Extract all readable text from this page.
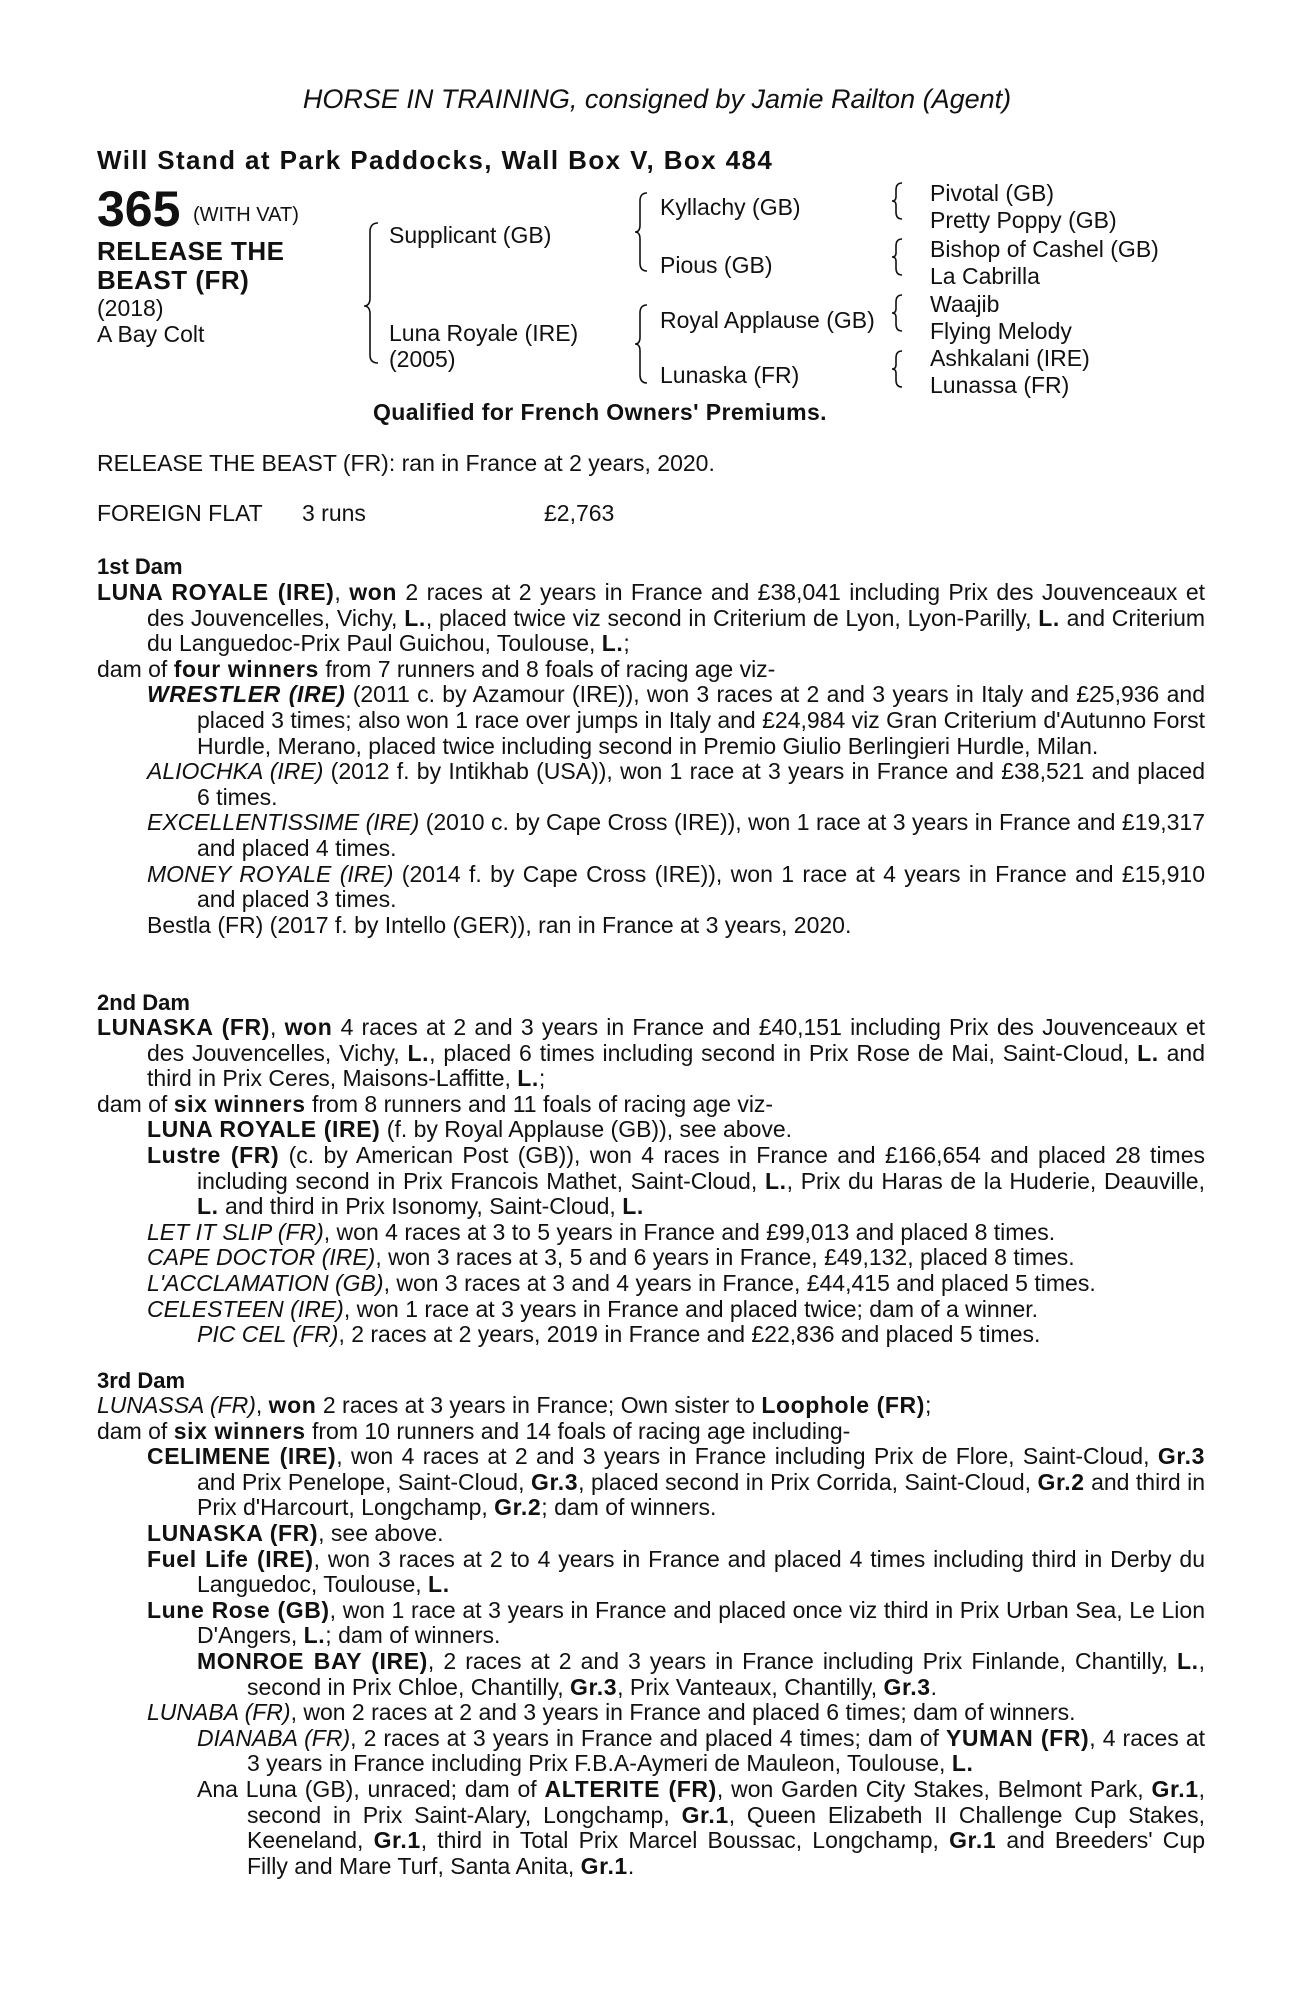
HORSE IN TRAINING, consigned by Jamie Railton (Agent)
Will Stand at Park Paddocks, Wall Box V, Box 484
365 (WITH VAT)
RELEASE THE
BEAST (FR)
(2018)
A Bay Colt
Supplicant (GB)
Luna Royale (IRE)
(2005)
Kyllachy (GB)
Pious (GB)
Royal Applause (GB)
Lunaska (FR)
Pivotal (GB)
Pretty Poppy (GB)
Bishop of Cashel (GB)
La Cabrilla
Waajib
Flying Melody
Ashkalani (IRE)
Lunassa (FR)
Qualified for French Owners' Premiums.
RELEASE THE BEAST (FR): ran in France at 2 years, 2020.
FOREIGN FLAT 3 runs	£2,763
1st Dam

LUNA ROYALE (IRE), won 2 races at 2 years in France and £38,041 including Prix des Jouvenceaux et des Jouvencelles, Vichy, L., placed twice viz second in Criterium de Lyon, Lyon-Parilly, L. and Criterium du Languedoc-Prix Paul Guichou, Toulouse, L.;

dam of four winners from 7 runners and 8 foals of racing age viz-

WRESTLER (IRE) (2011 c. by Azamour (IRE)), won 3 races at 2 and 3 years in Italy and £25,936 and placed 3 times; also won 1 race over jumps in Italy and £24,984 viz Gran Criterium d'Autunno Forst Hurdle, Merano, placed twice including second in Premio Giulio Berlingieri Hurdle, Milan.

ALIOCHKA (IRE) (2012 f. by Intikhab (USA)), won 1 race at 3 years in France and £38,521 and placed 6 times.

EXCELLENTISSIME (IRE) (2010 c. by Cape Cross (IRE)), won 1 race at 3 years in France and £19,317 and placed 4 times.

MONEY ROYALE (IRE) (2014 f. by Cape Cross (IRE)), won 1 race at 4 years in France and £15,910 and placed 3 times.

Bestla (FR) (2017 f. by Intello (GER)), ran in France at 3 years, 2020.

2nd Dam

LUNASKA (FR), won 4 races at 2 and 3 years in France and £40,151 including Prix des Jouvenceaux et des Jouvencelles, Vichy, L., placed 6 times including second in Prix Rose de Mai, Saint-Cloud, L. and third in Prix Ceres, Maisons-Laffitte, L.;

dam of six winners from 8 runners and 11 foals of racing age viz-

LUNA ROYALE (IRE) (f. by Royal Applause (GB)), see above.

Lustre (FR) (c. by American Post (GB)), won 4 races in France and £166,654 and placed 28 times including second in Prix Francois Mathet, Saint-Cloud, L., Prix du Haras de la Huderie, Deauville, L. and third in Prix Isonomy, Saint-Cloud, L.

LET IT SLIP (FR), won 4 races at 3 to 5 years in France and £99,013 and placed 8 times.

CAPE DOCTOR (IRE), won 3 races at 3, 5 and 6 years in France, £49,132, placed 8 times.

L'ACCLAMATION (GB), won 3 races at 3 and 4 years in France, £44,415 and placed 5 times.

CELESTEEN (IRE), won 1 race at 3 years in France and placed twice; dam of a winner.

PIC CEL (FR), 2 races at 2 years, 2019 in France and £22,836 and placed 5 times.

3rd Dam

LUNASSA (FR), won 2 races at 3 years in France; Own sister to Loophole (FR);

dam of six winners from 10 runners and 14 foals of racing age including-

CELIMENE (IRE), won 4 races at 2 and 3 years in France including Prix de Flore, Saint-Cloud, Gr.3 and Prix Penelope, Saint-Cloud, Gr.3, placed second in Prix Corrida, Saint-Cloud, Gr.2 and third in Prix d'Harcourt, Longchamp, Gr.2; dam of winners.

LUNASKA (FR), see above.

Fuel Life (IRE), won 3 races at 2 to 4 years in France and placed 4 times including third in Derby du Languedoc, Toulouse, L.

Lune Rose (GB), won 1 race at 3 years in France and placed once viz third in Prix Urban Sea, Le Lion D'Angers, L.; dam of winners.

MONROE BAY (IRE), 2 races at 2 and 3 years in France including Prix Finlande, Chantilly, L., second in Prix Chloe, Chantilly, Gr.3, Prix Vanteaux, Chantilly, Gr.3.

LUNABA (FR), won 2 races at 2 and 3 years in France and placed 6 times; dam of winners.

DIANABA (FR), 2 races at 3 years in France and placed 4 times; dam of YUMAN (FR), 4 races at 3 years in France including Prix F.B.A-Aymeri de Mauleon, Toulouse, L.

Ana Luna (GB), unraced; dam of ALTERITE (FR), won Garden City Stakes, Belmont Park, Gr.1, second in Prix Saint-Alary, Longchamp, Gr.1, Queen Elizabeth II Challenge Cup Stakes, Keeneland, Gr.1, third in Total Prix Marcel Boussac, Longchamp, Gr.1 and Breeders' Cup Filly and Mare Turf, Santa Anita, Gr.1.
